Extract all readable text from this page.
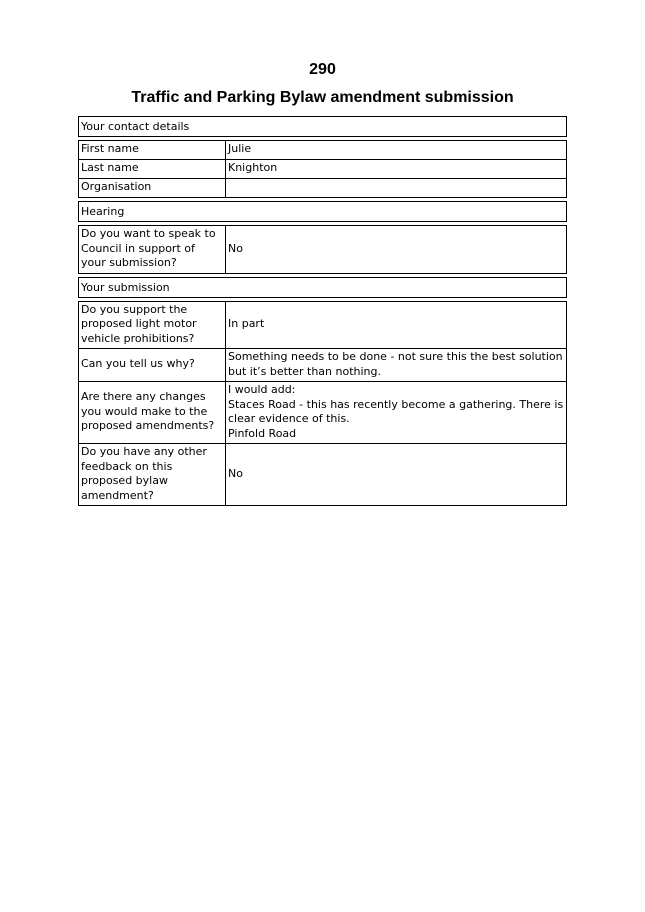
290
Traffic and Parking Bylaw amendment submission
Your contact details
First name	Julie
Last name	Knighton
Organisation	
Hearing
Do you want to speak to Council in support of your submission?	No
Your submission
Do you support the proposed light motor vehicle prohibitions?	In part
Can you tell us why?	Something needs to be done - not sure this the best solution but it’s better than nothing.
Are there any changes you would make to the proposed amendments?	I would add:
Staces Road - this has recently become a gathering. There is clear evidence of this.
Pinfold Road

Do you have any other feedback on this proposed bylaw amendment?	No
